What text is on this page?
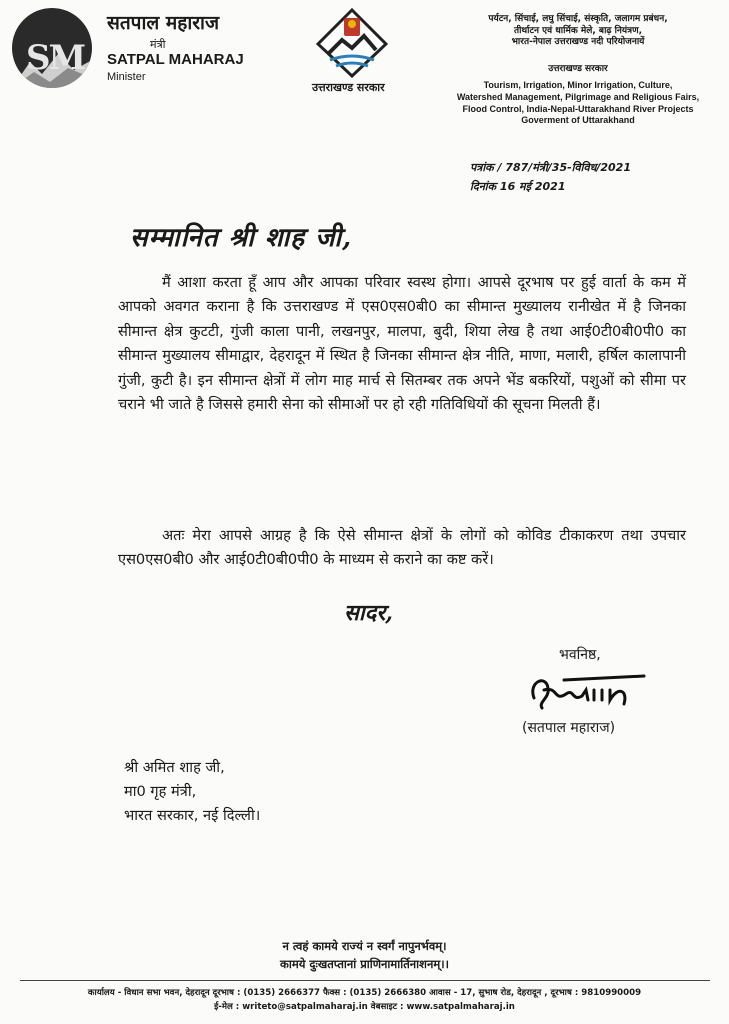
SM
सतपाल महाराज
मंत्री
SATPAL MAHARAJ
Minister
उत्तराखण्ड सरकार
पर्यटन, सिंचाई, लघु सिंचाई, संस्कृति, जलागम प्रबंधन,
तीर्थाटन एवं धार्मिक मेले, बाढ़ नियंत्रण,
भारत-नेपाल उत्तराखण्ड नदी परियोजनायें
उत्तराखण्ड सरकार
Tourism, Irrigation, Minor Irrigation, Culture,
Watershed Management, Pilgrimage and Religious Fairs,
Flood Control, India-Nepal-Uttarakhand River Projects
Goverment of Uttarakhand
पत्रांक / 787/मंत्री/35-विविध/2021
दिनांक 16 मई 2021
सम्मानित श्री शाह जी,
मैं आशा करता हूँ आप और आपका परिवार स्वस्थ होगा। आपसे दूरभाष पर हुई वार्ता के कम में आपको अवगत कराना है कि उत्तराखण्ड में एस0एस0बी0 का सीमान्त मुख्यालय रानीखेत में है जिनका सीमान्त क्षेत्र कुटटी, गुंजी काला पानी, लखनपुर, मालपा, बुदी, शिया लेख है तथा आई0टी0बी0पी0 का सीमान्त मुख्यालय सीमाद्वार, देहरादून में स्थित है जिनका सीमान्त क्षेत्र नीति, माणा, मलारी, हर्षिल कालापानी गुंजी, कुटी है। इन सीमान्त क्षेत्रों में लोग माह मार्च से सितम्बर तक अपने भेंड बकरियों, पशुओं को सीमा पर चराने भी जाते है जिससे हमारी सेना को सीमाओं पर हो रही गतिविधियों की सूचना मिलती हैं।
अतः मेरा आपसे आग्रह है कि ऐसे सीमान्त क्षेत्रों के लोगों को कोविड टीकाकरण तथा उपचार एस0एस0बी0 और आई0टी0बी0पी0 के माध्यम से कराने का कष्ट करें।
सादर,
भवनिष्ठ,
(सतपाल महाराज)
श्री अमित शाह जी,
मा0 गृह मंत्री,
भारत सरकार, नई दिल्ली।
न त्वहं कामये राज्यं न स्वर्गं नापुनर्भवम्।
कामये दुःखतप्तानां प्राणिनामार्तिनाशनम्।।
कार्यालय - विधान सभा भवन, देहरादून दूरभाष : (0135) 2666377 फैक्स : (0135) 2666380 आवास - 17, सुभाष रोड, देहरादून , दूरभाष : 9810990009
ई-मेल : writeto@satpalmaharaj.in वेबसाइट : www.satpalmaharaj.in
